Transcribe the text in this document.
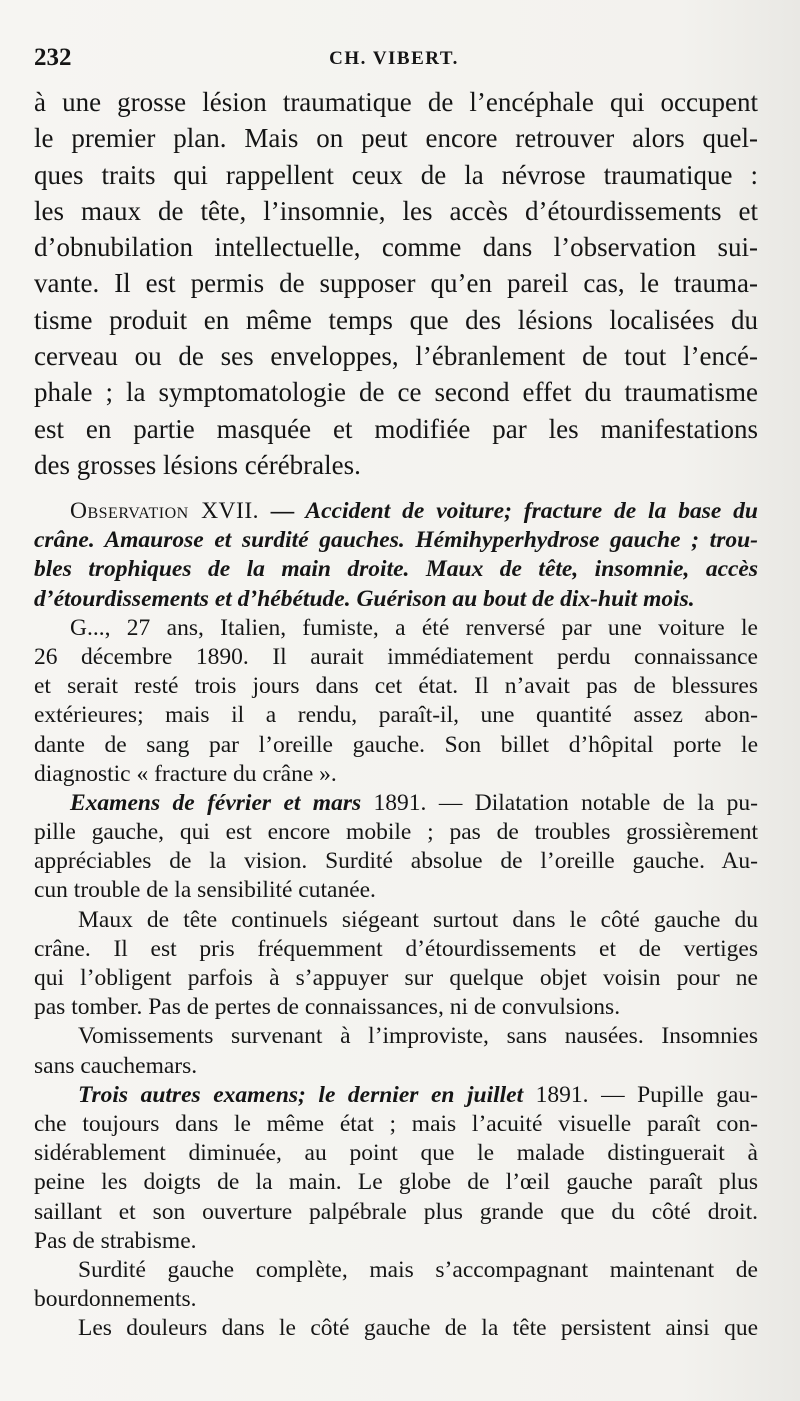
232	CH. VIBERT.
à une grosse lésion traumatique de l’encéphale qui occupent
le premier plan. Mais on peut encore retrouver alors quel-
ques traits qui rappellent ceux de la névrose traumatique :
les maux de tête, l’insomnie, les accès d’étourdissements et
d’obnubilation intellectuelle, comme dans l’observation sui-
vante. Il est permis de supposer qu’en pareil cas, le trauma-
tisme produit en même temps que des lésions localisées du
cerveau ou de ses enveloppes, l’ébranlement de tout l’encé-
phale ; la symptomatologie de ce second effet du traumatisme
est en partie masquée et modifiée par les manifestations
des grosses lésions cérébrales.
Observation XVII. — Accident de voiture; fracture de la base du
crâne. Amaurose et surdité gauches. Hémihyperhydrose gauche ; trou-
bles trophiques de la main droite. Maux de tête, insomnie, accès
d’étourdissements et d’hébétude. Guérison au bout de dix-huit mois.
G..., 27 ans, Italien, fumiste, a été renversé par une voiture le
26 décembre 1890. Il aurait immédiatement perdu connaissance
et serait resté trois jours dans cet état. Il n’avait pas de blessures
extérieures; mais il a rendu, paraît-il, une quantité assez abon-
dante de sang par l’oreille gauche. Son billet d’hôpital porte le
diagnostic « fracture du crâne ».
Examens de février et mars 1891. — Dilatation notable de la pu-
pille gauche, qui est encore mobile ; pas de troubles grossièrement
appréciables de la vision. Surdité absolue de l’oreille gauche. Au-
cun trouble de la sensibilité cutanée.
Maux de tête continuels siégeant surtout dans le côté gauche du
crâne. Il est pris fréquemment d’étourdissements et de vertiges
qui l’obligent parfois à s’appuyer sur quelque objet voisin pour ne
pas tomber. Pas de pertes de connaissances, ni de convulsions.
Vomissements survenant à l’improviste, sans nausées. Insomnies
sans cauchemars.
Trois autres examens; le dernier en juillet 1891. — Pupille gau-
che toujours dans le même état ; mais l’acuité visuelle paraît con-
sidérablement diminuée, au point que le malade distinguerait à
peine les doigts de la main. Le globe de l’œil gauche paraît plus
saillant et son ouverture palpébrale plus grande que du côté droit.
Pas de strabisme.
Surdité gauche complète, mais s’accompagnant maintenant de
bourdonnements.
Les douleurs dans le côté gauche de la tête persistent ainsi que
